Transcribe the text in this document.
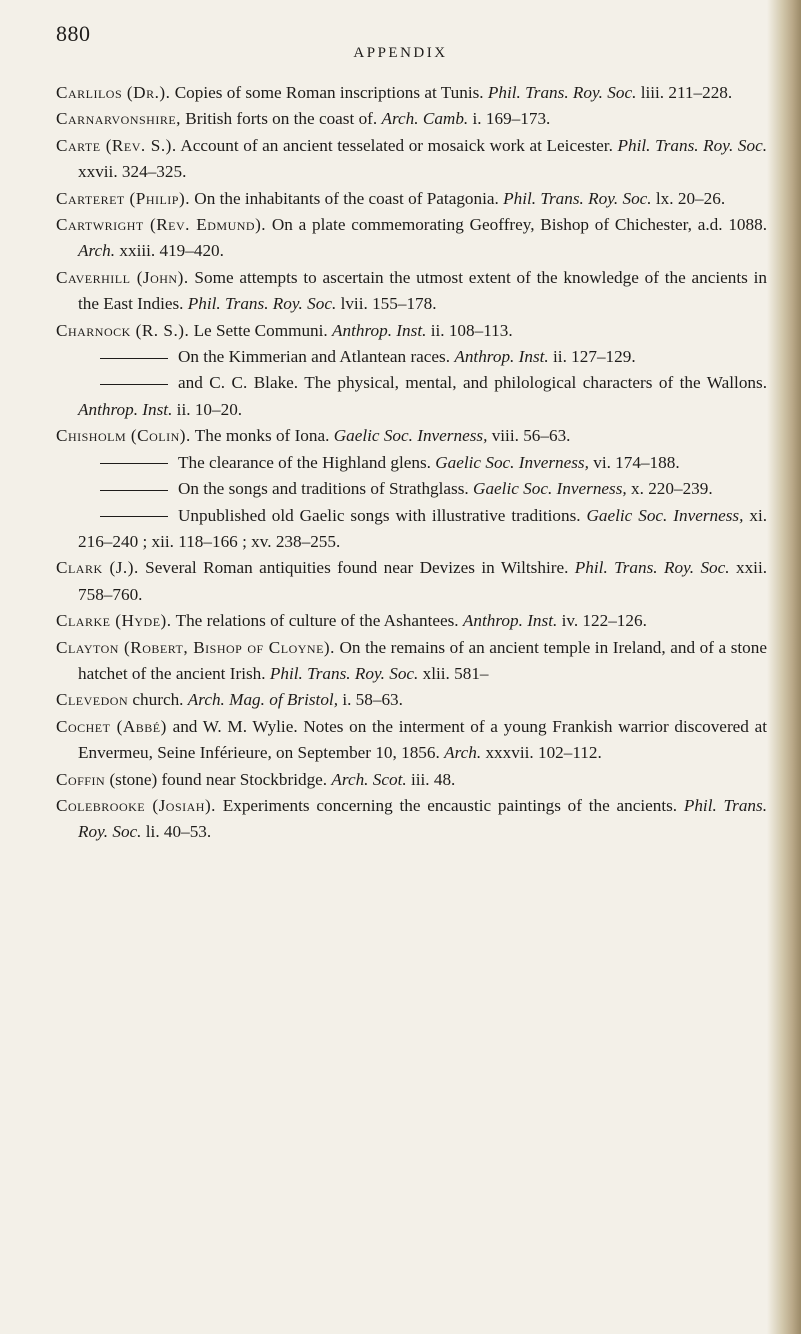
880
APPENDIX
Carlilos (Dr.). Copies of some Roman inscriptions at Tunis. Phil. Trans. Roy. Soc. liii. 211–228.
Carnarvonshire, British forts on the coast of. Arch. Camb. i. 169–173.
Carte (Rev. S.). Account of an ancient tesselated or mosaick work at Leicester. Phil. Trans. Roy. Soc. xxvii. 324–325.
Carteret (Philip). On the inhabitants of the coast of Patagonia. Phil. Trans. Roy. Soc. lx. 20–26.
Cartwright (Rev. Edmund). On a plate commemorating Geoffrey, Bishop of Chichester, a.d. 1088. Arch. xxiii. 419–420.
Caverhill (John). Some attempts to ascertain the utmost extent of the knowledge of the ancients in the East Indies. Phil. Trans. Roy. Soc. lvii. 155–178.
Charnock (R. S.). Le Sette Communi. Anthrop. Inst. ii. 108–113.
On the Kimmerian and Atlantean races. Anthrop. Inst. ii. 127–129.
and C. C. Blake. The physical, mental, and philological characters of the Wallons. Anthrop. Inst. ii. 10–20.
Chisholm (Colin). The monks of Iona. Gaelic Soc. Inverness, viii. 56–63.
The clearance of the Highland glens. Gaelic Soc. Inverness, vi. 174–188.
On the songs and traditions of Strathglass. Gaelic Soc. Inverness, x. 220–239.
Unpublished old Gaelic songs with illustrative traditions. Gaelic Soc. Inverness, xi. 216–240 ; xii. 118–166 ; xv. 238–255.
Clark (J.). Several Roman antiquities found near Devizes in Wiltshire. Phil. Trans. Roy. Soc. xxii. 758–760.
Clarke (Hyde). The relations of culture of the Ashantees. Anthrop. Inst. iv. 122–126.
Clayton (Robert, Bishop of Cloyne). On the remains of an ancient temple in Ireland, and of a stone hatchet of the ancient Irish. Phil. Trans. Roy. Soc. xlii. 581–
Clevedon church. Arch. Mag. of Bristol, i. 58–63.
Cochet (Abbé) and W. M. Wylie. Notes on the interment of a young Frankish warrior discovered at Envermeu, Seine Inférieure, on September 10, 1856. Arch. xxxvii. 102–112.
Coffin (stone) found near Stockbridge. Arch. Scot. iii. 48.
Colebrooke (Josiah). Experiments concerning the encaustic paintings of the ancients. Phil. Trans. Roy. Soc. li. 40–53.
